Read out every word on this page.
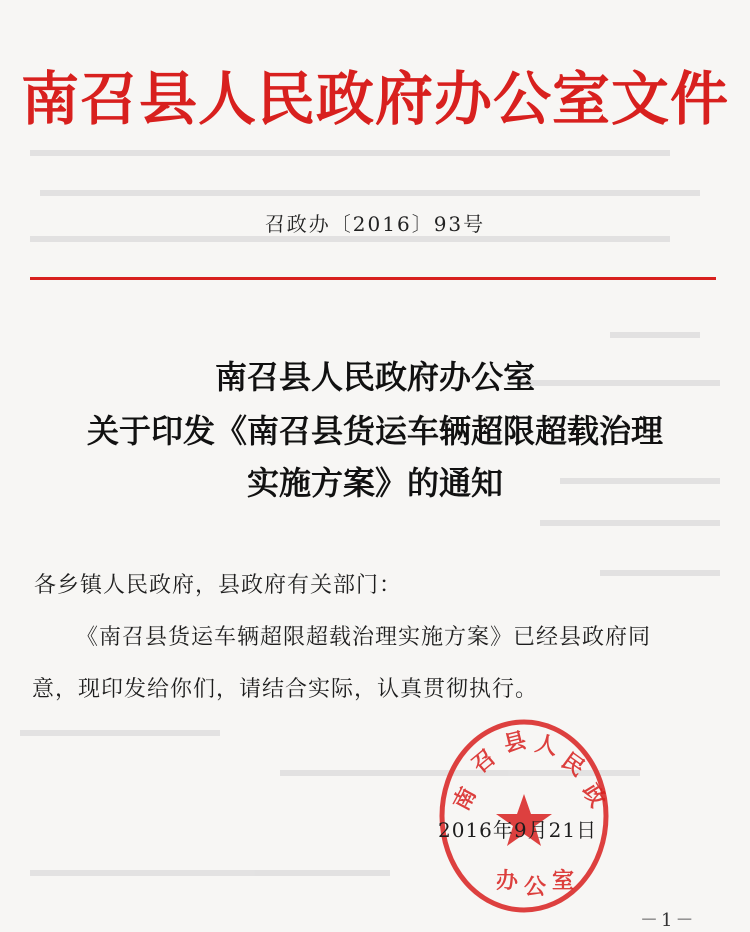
南召县人民政府办公室文件
召政办〔2016〕93号
南召县人民政府办公室
关于印发《南召县货运车辆超限超载治理
实施方案》的通知
各乡镇人民政府，县政府有关部门：
《南召县货运车辆超限超载治理实施方案》已经县政府同
意，现印发给你们，请结合实际，认真贯彻执行。
南
召
县 人
民
政
办 公 室
2016年9月21日
－1－
